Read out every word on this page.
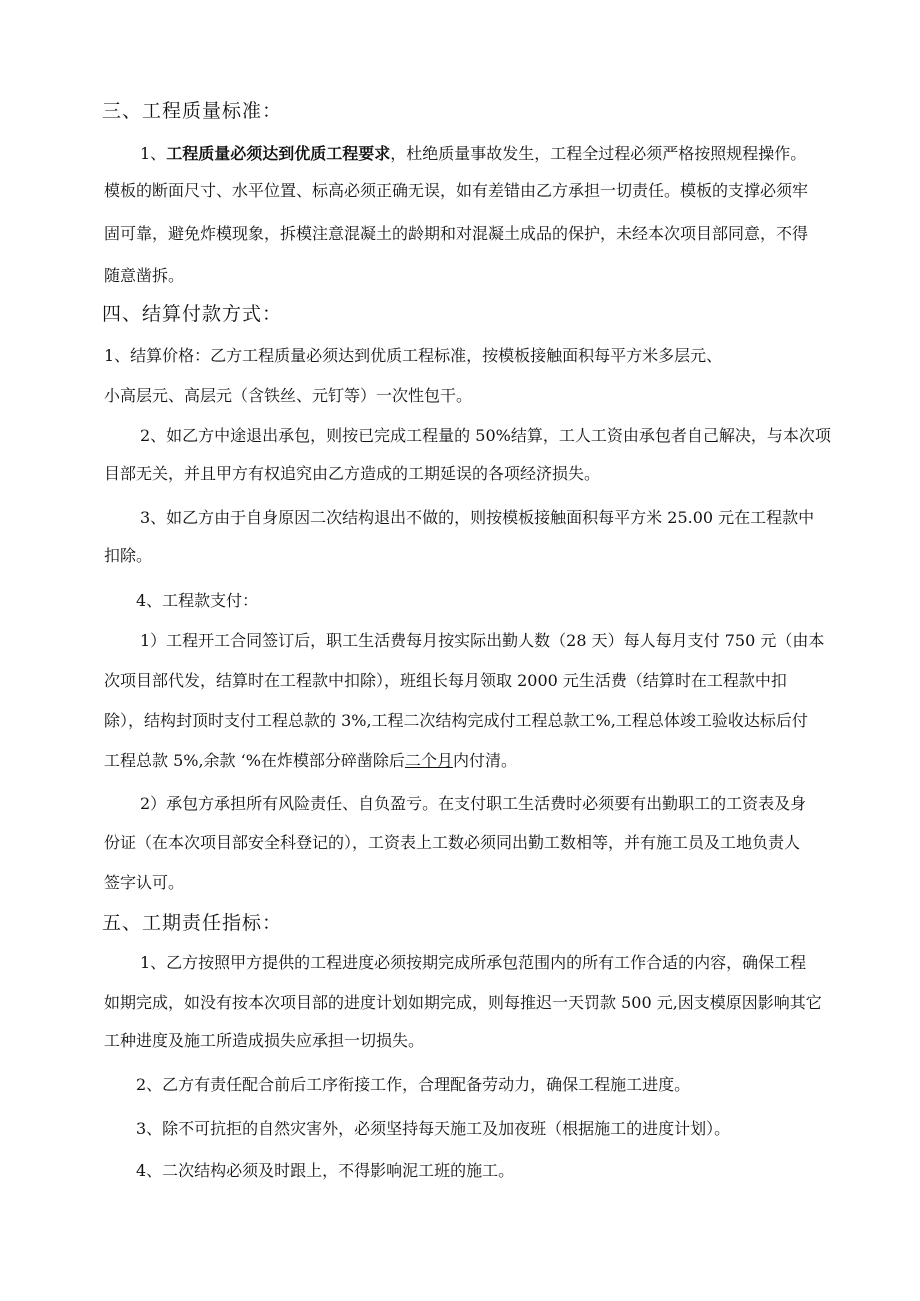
三、工程质量标准：
1、工程质量必须达到优质工程要求，杜绝质量事故发生，工程全过程必须严格按照规程操作。
模板的断面尺寸、水平位置、标高必须正确无误，如有差错由乙方承担一切责任。模板的支撑必须牢
固可靠，避免炸模现象，拆模注意混凝土的龄期和对混凝土成品的保护，未经本次项目部同意，不得
随意凿拆。
四、结算付款方式：
1、结算价格：乙方工程质量必须达到优质工程标准，按模板接触面积每平方米多层元、
小高层元、高层元（含铁丝、元钉等）一次性包干。
2、如乙方中途退出承包，则按已完成工程量的 50%结算，工人工资由承包者自己解决，与本次项
目部无关，并且甲方有权追究由乙方造成的工期延误的各项经济损失。
3、如乙方由于自身原因二次结构退出不做的，则按模板接触面积每平方米 25.00 元在工程款中
扣除。
4、工程款支付：
1）工程开工合同签订后，职工生活费每月按实际出勤人数（28 天）每人每月支付 750 元（由本
次项目部代发，结算时在工程款中扣除），班组长每月领取 2000 元生活费（结算时在工程款中扣
除），结构封顶时支付工程总款的 3%,工程二次结构完成付工程总款工%,工程总体竣工验收达标后付
工程总款 5%,余款 ‘%在炸模部分碎凿除后二个月内付清。
2）承包方承担所有风险责任、自负盈亏。在支付职工生活费时必须要有出勤职工的工资表及身
份证（在本次项目部安全科登记的），工资表上工数必须同出勤工数相等，并有施工员及工地负责人
签字认可。
五、工期责任指标：
1、乙方按照甲方提供的工程进度必须按期完成所承包范围内的所有工作合适的内容，确保工程
如期完成，如没有按本次项目部的进度计划如期完成，则每推迟一天罚款 500 元,因支模原因影响其它
工种进度及施工所造成损失应承担一切损失。
2、乙方有责任配合前后工序衔接工作，合理配备劳动力，确保工程施工进度。
3、除不可抗拒的自然灾害外，必须坚持每天施工及加夜班（根据施工的进度计划）。
4、二次结构必须及时跟上，不得影响泥工班的施工。
